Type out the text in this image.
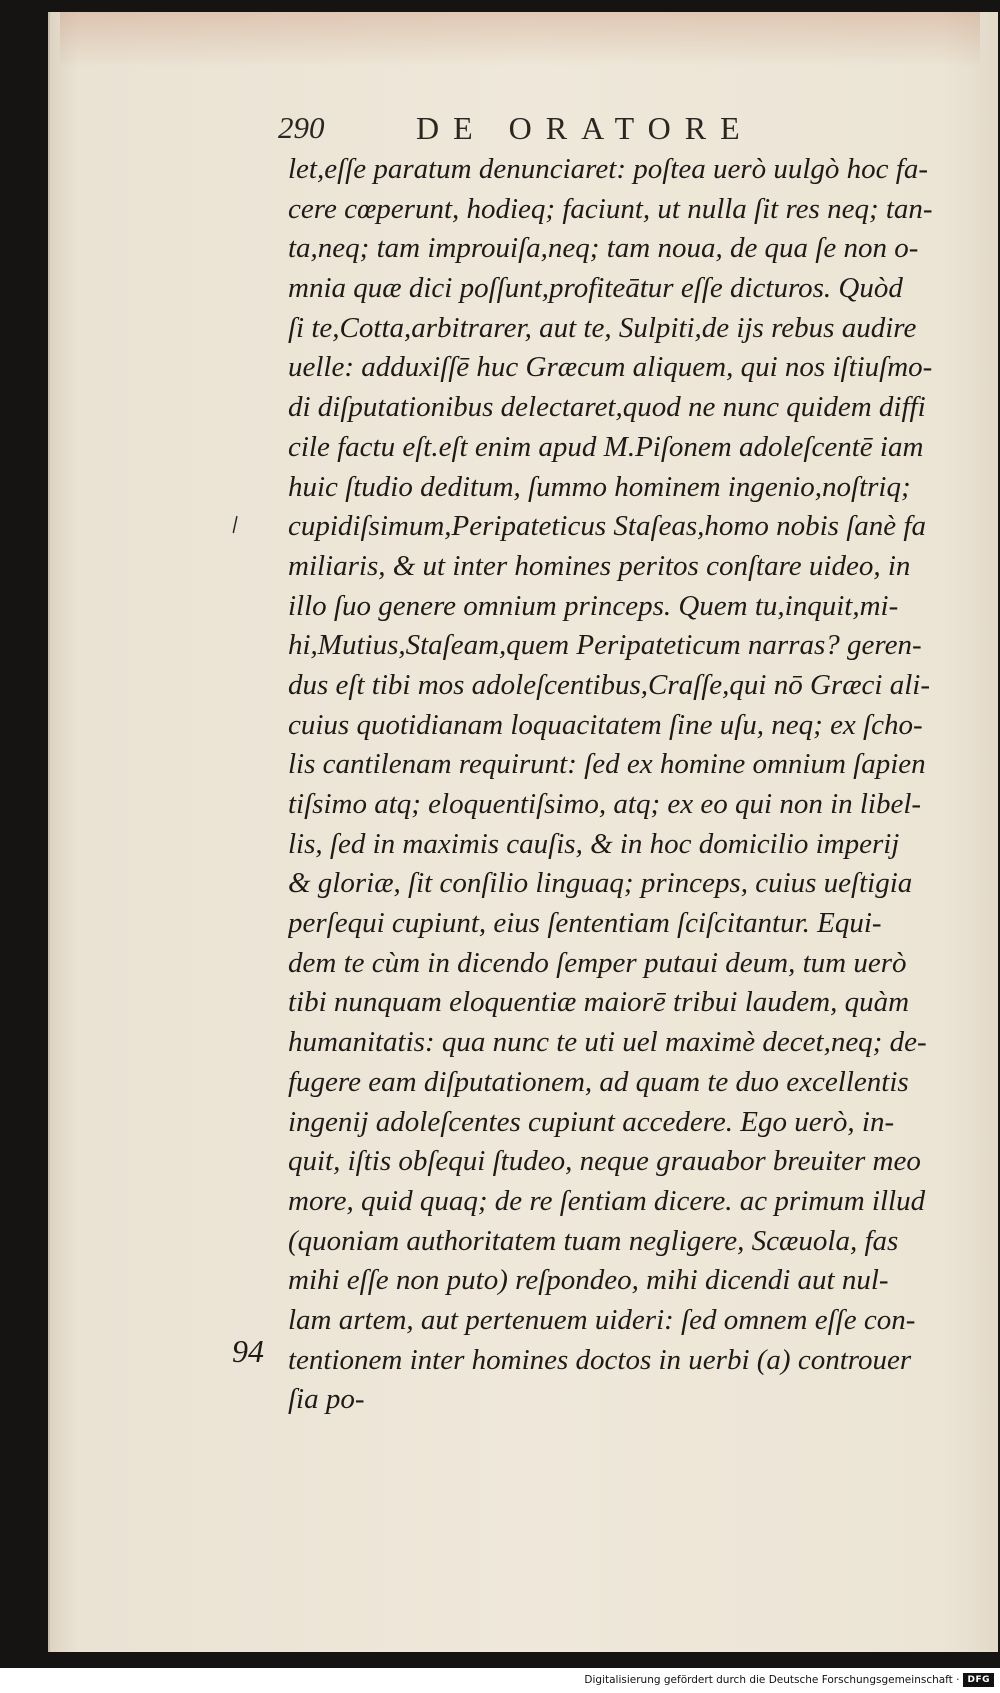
290	DE ORATORE
\
let,eſſe paratum denunciaret: poſtea uerò uulgò hoc fa-
cere cœperunt, hodieq; faciunt, ut nulla ſit res neq; tan-
ta,neq; tam improuiſa,neq; tam noua, de qua ſe non o-
mnia quæ dici poſſunt,profiteātur eſſe dicturos. Quòd
ſi te,Cotta,arbitrarer, aut te, Sulpiti,de ijs rebus audire
uelle: adduxiſſē huc Græcum aliquem, qui nos iſtiuſmo-
di diſputationibus delectaret,quod ne nunc quidem diffi
cile factu eſt.eſt enim apud M.Piſonem adoleſcentē iam
huic ſtudio deditum, ſummo hominem ingenio,noſtriq;
cupidiſsimum,Peripateticus Staſeas,homo nobis ſanè fa
miliaris, & ut inter homines peritos conſtare uideo, in
illo ſuo genere omnium princeps. Quem tu,inquit,mi-
hi,Mutius,Staſeam,quem Peripateticum narras? geren-
dus eſt tibi mos adoleſcentibus,Craſſe,qui nō Græci ali-
cuius quotidianam loquacitatem ſine uſu, neq; ex ſcho-
lis cantilenam requirunt: ſed ex homine omnium ſapien
tiſsimo atq; eloquentiſsimo, atq; ex eo qui non in libel-
lis, ſed in maximis cauſis, & in hoc domicilio imperij
& gloriæ, ſit conſilio linguaq; princeps, cuius ueſtigia
perſequi cupiunt, eius ſententiam ſciſcitantur. Equi-
dem te cùm in dicendo ſemper putaui deum, tum uerò
tibi nunquam eloquentiæ maiorē tribui laudem, quàm
humanitatis: qua nunc te uti uel maximè decet,neq; de-
fugere eam diſputationem, ad quam te duo excellentis
ingenij adoleſcentes cupiunt accedere. Ego uerò, in-
quit, iſtis obſequi ſtudeo, neque grauabor breuiter meo
more, quid quaq; de re ſentiam dicere. ac primum illud
(quoniam authoritatem tuam negligere, Scæuola, fas
mihi eſſe non puto) reſpondeo, mihi dicendi aut nul-
lam artem, aut pertenuem uideri: ſed omnem eſſe con-
tentionem inter homines doctos in uerbi (a) controuer
ſia po-
94
Digitalisierung gefördert durch die Deutsche Forschungsgemeinschaft · DFG
